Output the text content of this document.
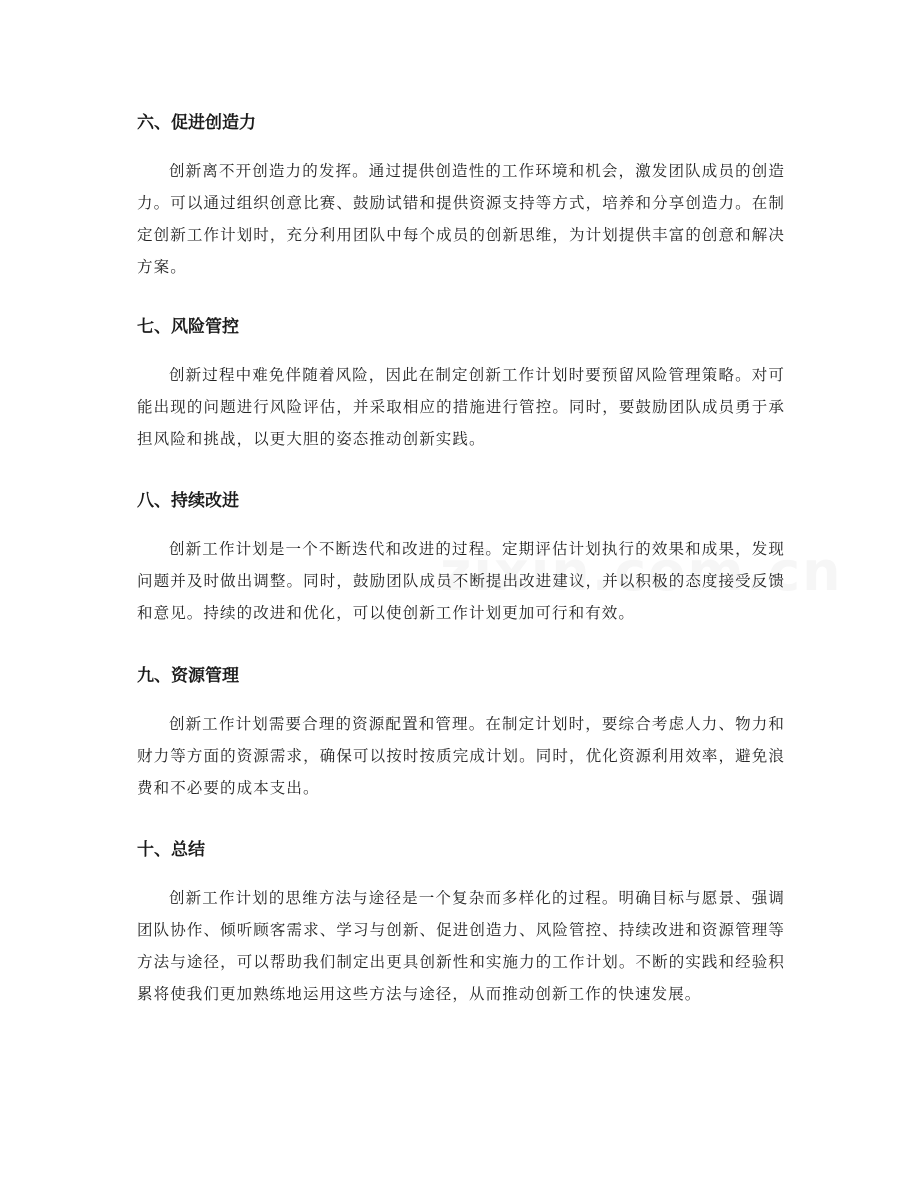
六、促进创造力

创新离不开创造力的发挥。通过提供创造性的工作环境和机会，激发团队成员的创造力。可以通过组织创意比赛、鼓励试错和提供资源支持等方式，培养和分享创造力。在制定创新工作计划时，充分利用团队中每个成员的创新思维，为计划提供丰富的创意和解决方案。

七、风险管控

创新过程中难免伴随着风险，因此在制定创新工作计划时要预留风险管理策略。对可能出现的问题进行风险评估，并采取相应的措施进行管控。同时，要鼓励团队成员勇于承担风险和挑战，以更大胆的姿态推动创新实践。

八、持续改进

创新工作计划是一个不断迭代和改进的过程。定期评估计划执行的效果和成果，发现问题并及时做出调整。同时，鼓励团队成员不断提出改进建议，并以积极的态度接受反馈和意见。持续的改进和优化，可以使创新工作计划更加可行和有效。

九、资源管理

创新工作计划需要合理的资源配置和管理。在制定计划时，要综合考虑人力、物力和财力等方面的资源需求，确保可以按时按质完成计划。同时，优化资源利用效率，避免浪费和不必要的成本支出。

十、总结

创新工作计划的思维方法与途径是一个复杂而多样化的过程。明确目标与愿景、强调团队协作、倾听顾客需求、学习与创新、促进创造力、风险管控、持续改进和资源管理等方法与途径，可以帮助我们制定出更具创新性和实施力的工作计划。不断的实践和经验积累将使我们更加熟练地运用这些方法与途径，从而推动创新工作的快速发展。
